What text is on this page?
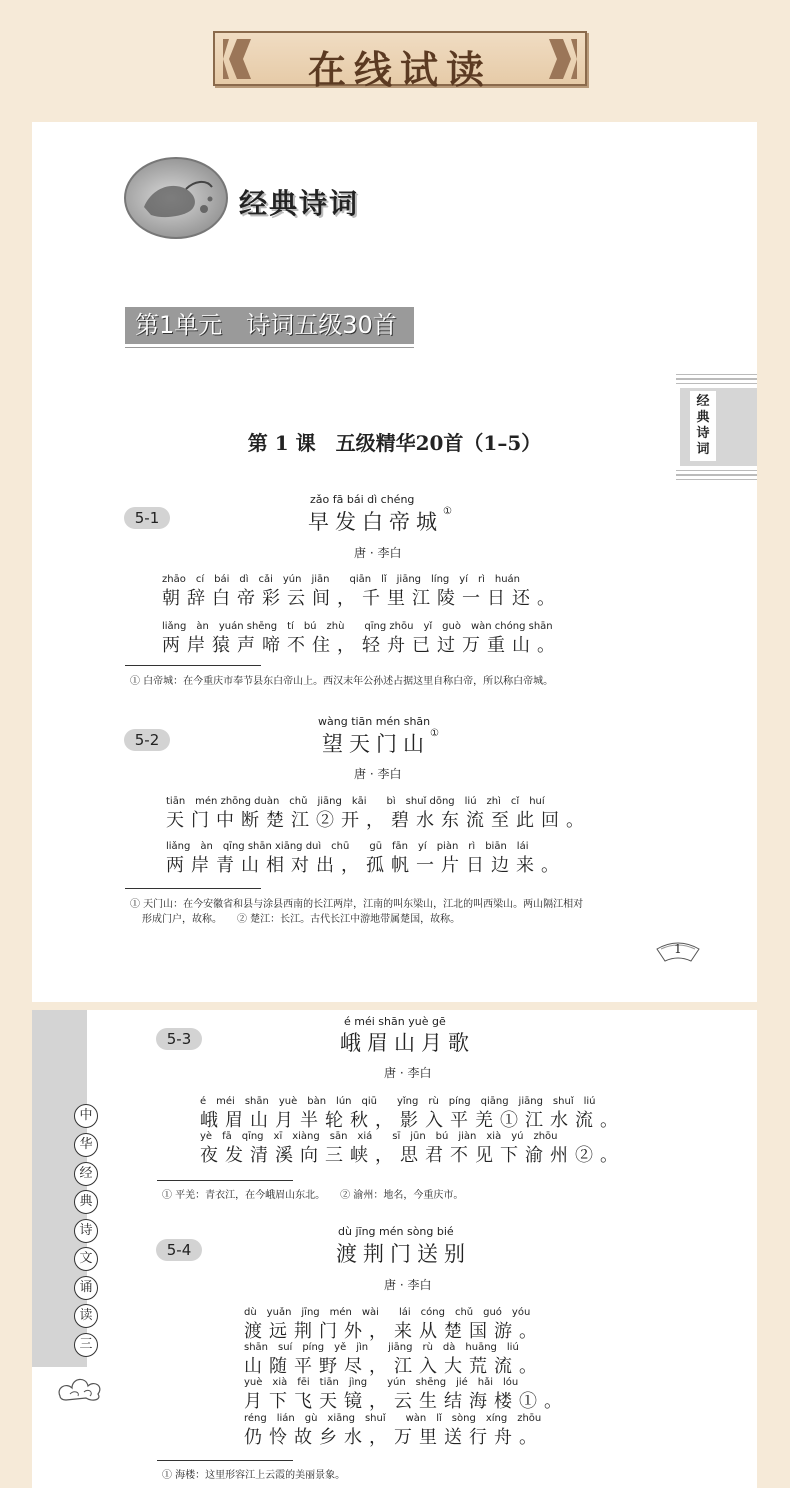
在线试读
经典诗词
第1单元　诗词五级30首
经
典
诗
词
第 1 课　五级精华20首（1–5）
5-1
zǎo fā bái dì chéng
早发白帝城①
唐 · 李白
zhāo　cí　bái　dì　cǎi　yún　jiān　　qiān　lǐ　jiāng　líng　yí　rì　huán
朝辞白帝彩云间，千里江陵一日还。
liǎng　àn　yuán shēng　tí　bú　zhù　　qīng zhōu　yǐ　guò　wàn chóng shān
两岸猿声啼不住，轻舟已过万重山。
① 白帝城：在今重庆市奉节县东白帝山上。西汉末年公孙述占据这里自称白帝，所以称白帝城。
5-2
wàng tiān mén shān
望天门山①
唐 · 李白
tiān　mén zhōng duàn　chǔ　jiāng　kāi　　bì　shuǐ dōng　liú　zhì　cǐ　huí
天门中断楚江②开，碧水东流至此回。
liǎng　àn　qīng shān xiāng duì　chū　　gū　fān　yí　piàn　rì　biān　lái
两岸青山相对出，孤帆一片日边来。
① 天门山：在今安徽省和县与涂县西南的长江两岸，江南的叫东梁山，江北的叫西梁山。两山隔江相对
形成门户，故称。　　② 楚江：长江。古代长江中游地带属楚国，故称。
1
中
华
经
典
诗
文
诵
读
三
5-3
é méi shān yuè gē
峨眉山月歌
唐 · 李白
é　méi　shān　yuè　bàn　lún　qiū　　yǐng　rù　píng　qiāng　jiāng　shuǐ　liú
峨眉山月半轮秋，影入平羌①江水流。
yè　fā　qīng　xī　xiàng　sān　xiá　　sī　jūn　bú　jiàn　xià　yú　zhōu
夜发清溪向三峡，思君不见下渝州②。
① 平羌：青衣江，在今峨眉山东北。　　② 渝州：地名，今重庆市。
5-4
dù jīng mén sòng bié
渡荆门送别
唐 · 李白
dù　yuǎn　jīng　mén　wài　　lái　cóng　chǔ　guó　yóu
渡远荆门外，来从楚国游。
shān　suí　píng　yě　jìn　　jiāng　rù　dà　huāng　liú
山随平野尽，江入大荒流。
yuè　xià　fēi　tiān　jìng　　yún　shēng　jié　hǎi　lóu
月下飞天镜，云生结海楼①。
réng　lián　gù　xiāng　shuǐ　　wàn　lǐ　sòng　xíng　zhōu
仍怜故乡水，万里送行舟。
① 海楼：这里形容江上云霞的美丽景象。
